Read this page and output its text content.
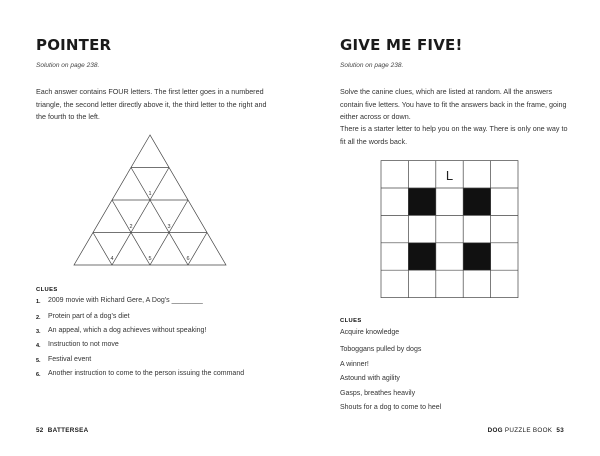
POINTER
Solution on page 238.
Each answer contains FOUR letters. The first letter goes in a numbered triangle, the second letter directly above it, the third letter to the right and the fourth to the left.
1
2	3
4	5	6
CLUES
1. 2009 movie with Richard Gere, A Dog’s ________
2. Protein part of a dog’s diet
3. An appeal, which a dog achieves without speaking!
4. Instruction to not move
5. Festival event
6. Another instruction to come to the person issuing the command
52 BATTERSEA
GIVE ME FIVE!
Solution on page 238.
Solve the canine clues, which are listed at random. All the answers contain five letters. You have to fit the answers back in the frame, going either across or down.
There is a starter letter to help you on the way. There is only one way to fit all the words back.
L
CLUES
Acquire knowledge
Toboggans pulled by dogs
A winner!
Astound with agility
Gasps, breathes heavily
Shouts for a dog to come to heel
DOG PUZZLE BOOK 53
